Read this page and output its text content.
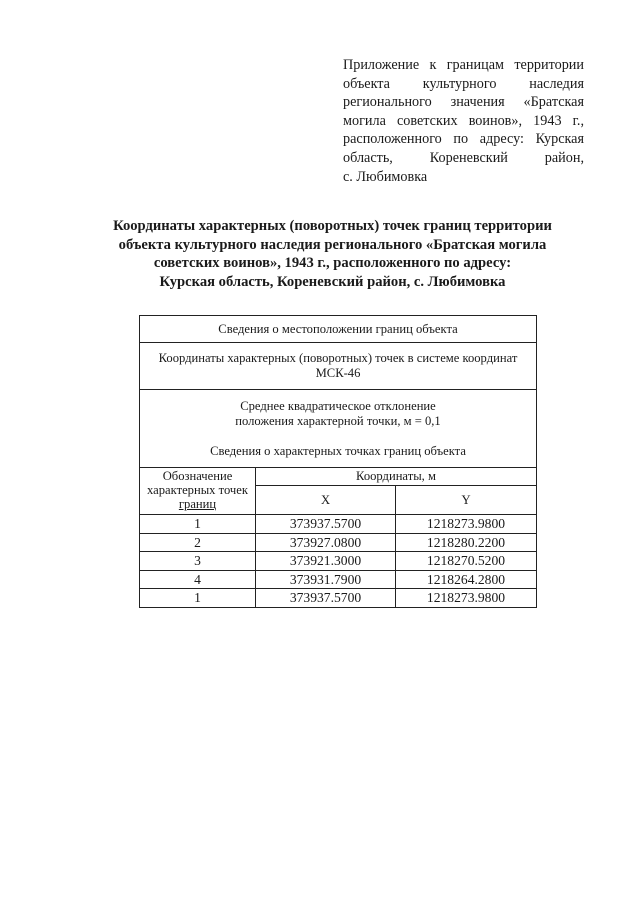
Приложение к границам территории
объекта культурного наследия
регионального значения «Братская
могила советских воинов», 1943 г.,
расположенного по адресу: Курская
область, Кореневский район,
с. Любимовка
Координаты характерных (поворотных) точек границ территории
объекта культурного наследия регионального «Братская могила
советских воинов», 1943 г., расположенного по адресу:
Курская область, Кореневский район, с. Любимовка
Сведения о местоположении границ объекта		

Координаты характерных (поворотных) точек в системе координат
МСК-46		

Среднее квадратическое отклонение
положения характерной точки, м = 0,1
Сведения о характерных точках границ объекта		

Обозначение
характерных точек
границ	Координаты, м	
	X	Y
1	373937.5700	1218273.9800
2	373927.0800	1218280.2200
3	373921.3000	1218270.5200
4	373931.7900	1218264.2800
1	373937.5700	1218273.9800
